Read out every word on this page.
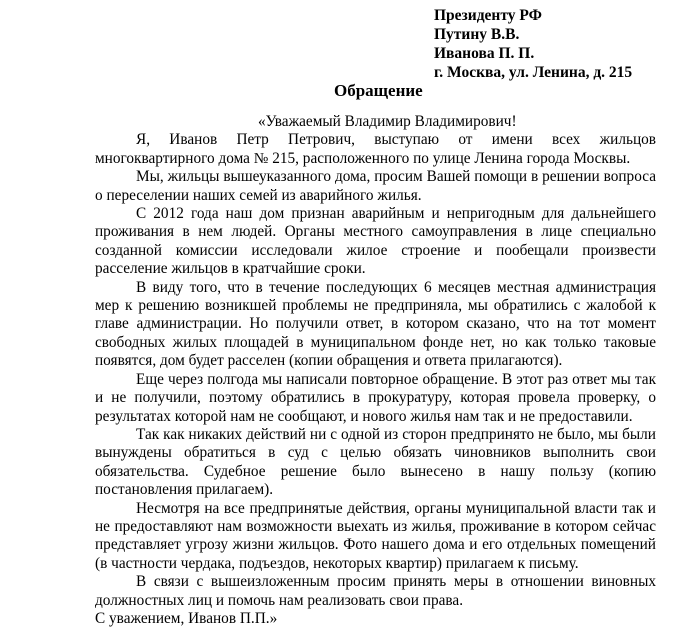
Президенту РФ
Путину В.В.
Иванова П. П.
г. Москва, ул. Ленина, д. 215
Обращение

«Уважаемый Владимир Владимирович!

Я, Иванов Петр Петрович, выступаю от имени всех жильцов многоквартирного дома № 215, расположенного по улице Ленина города Москвы.

Мы, жильцы вышеуказанного дома, просим Вашей помощи в решении вопроса о переселении наших семей из аварийного жилья.

С 2012 года наш дом признан аварийным и непригодным для дальнейшего проживания в нем людей. Органы местного самоуправления в лице специально созданной комиссии исследовали жилое строение и пообещали произвести расселение жильцов в кратчайшие сроки.

В виду того, что в течение последующих 6 месяцев местная администрация мер к решению возникшей проблемы не предприняла, мы обратились с жалобой к главе администрации. Но получили ответ, в котором сказано, что на тот момент свободных жилых площадей в муниципальном фонде нет, но как только таковые появятся, дом будет расселен (копии обращения и ответа прилагаются).

Еще через полгода мы написали повторное обращение. В этот раз ответ мы так и не получили, поэтому обратились в прокуратуру, которая провела проверку, о результатах которой нам не сообщают, и нового жилья нам так и не предоставили.

Так как никаких действий ни с одной из сторон предпринято не было, мы были вынуждены обратиться в суд с целью обязать чиновников выполнить свои обязательства. Судебное решение было вынесено в нашу пользу (копию постановления прилагаем).

Несмотря на все предпринятые действия, органы муниципальной власти так и не предоставляют нам возможности выехать из жилья, проживание в котором сейчас представляет угрозу жизни жильцов. Фото нашего дома и его отдельных помещений (в частности чердака, подъездов, некоторых квартир) прилагаем к письму.

В связи с вышеизложенным просим принять меры в отношении виновных должностных лиц и помочь нам реализовать свои права.

С уважением, Иванов П.П.»
